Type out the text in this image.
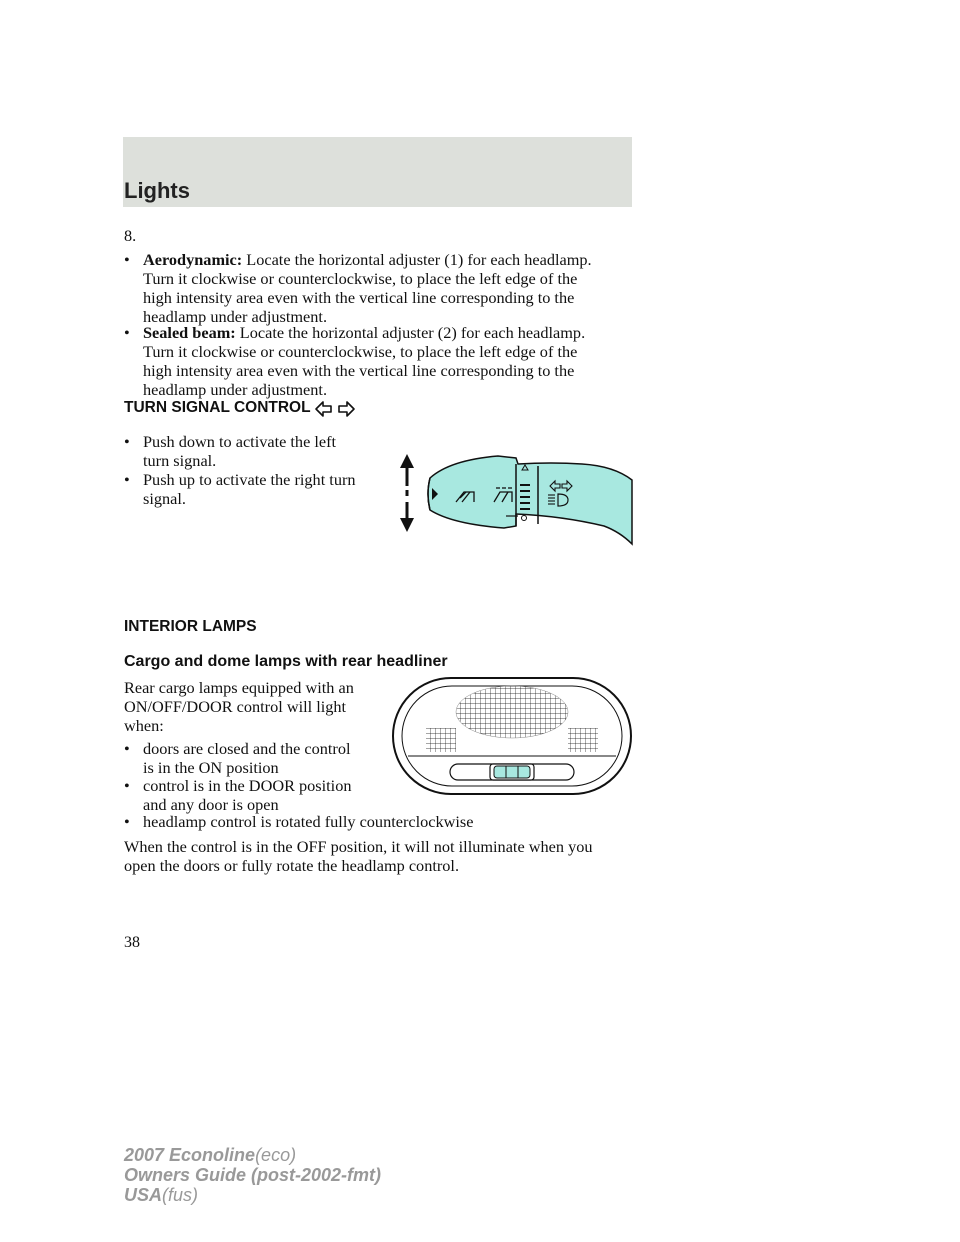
Lights
8.
• Aerodynamic: Locate the horizontal adjuster (1) for each headlamp.
Turn it clockwise or counterclockwise, to place the left edge of the
high intensity area even with the vertical line corresponding to the
headlamp under adjustment.
• Sealed beam: Locate the horizontal adjuster (2) for each headlamp.
Turn it clockwise or counterclockwise, to place the left edge of the
high intensity area even with the vertical line corresponding to the
headlamp under adjustment.
TURN SIGNAL CONTROL
• Push down to activate the left
turn signal.
• Push up to activate the right turn
signal.
INTERIOR LAMPS
Cargo and dome lamps with rear headliner
Rear cargo lamps equipped with an
ON/OFF/DOOR control will light
when:
• doors are closed and the control
is in the ON position
• control is in the DOOR position
and any door is open
• headlamp control is rotated fully counterclockwise
When the control is in the OFF position, it will not illuminate when you
open the doors or fully rotate the headlamp control.
38
2007 Econoline(eco)
Owners Guide (post-2002-fmt)
USA(fus)
